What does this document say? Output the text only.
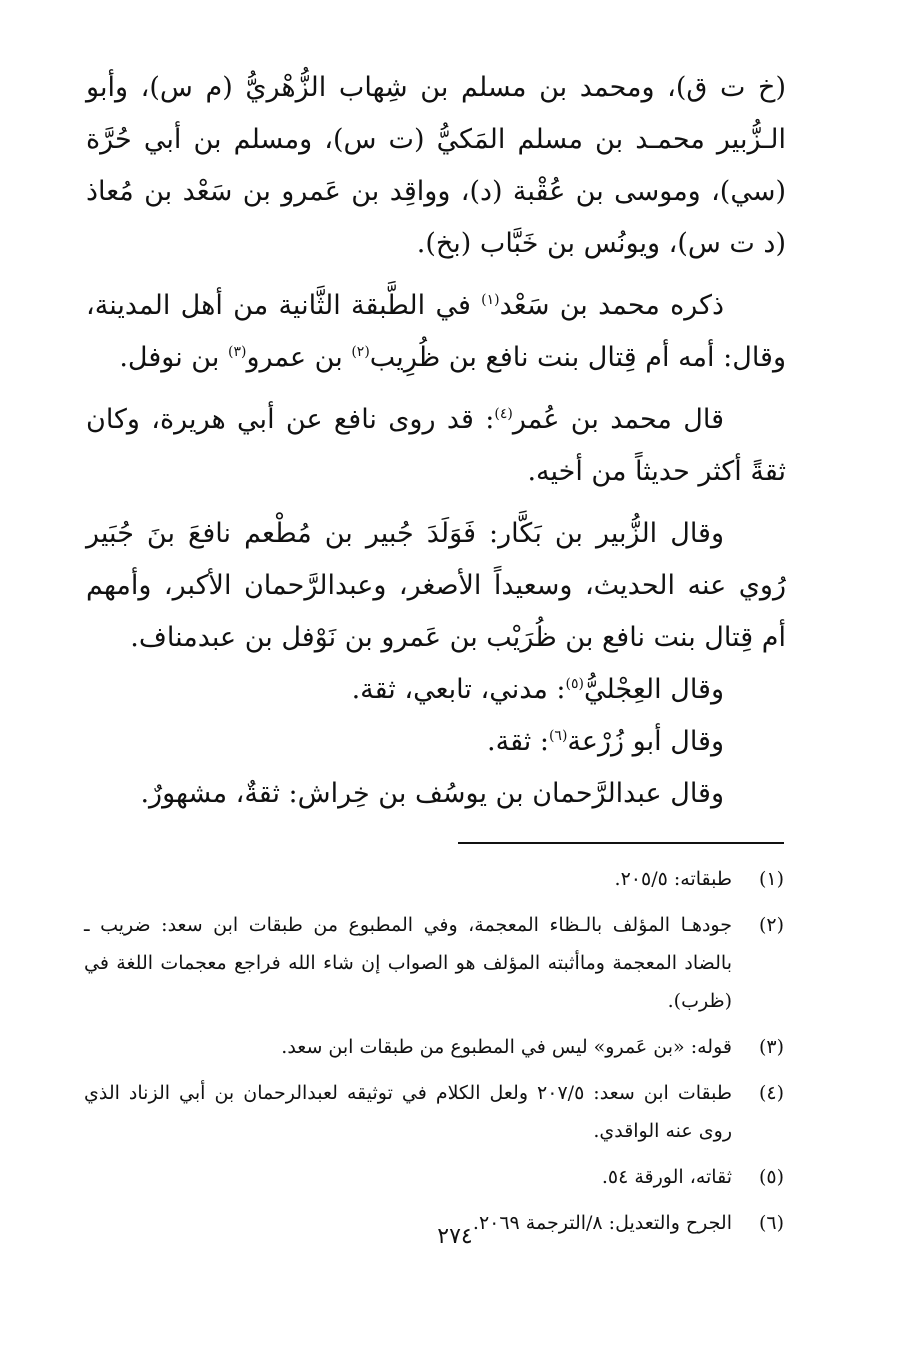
(خ ت ق)، ومحمد بن مسلم بن شِهاب الزُّهْريُّ (م س)، وأبو الـزُّبير محمـد بن مسلم المَكيُّ (ت س)، ومسلم بن أبي حُرَّة (سي)، وموسى بن عُقْبة (د)، وواقِد بن عَمرو بن سَعْد بن مُعاذ (د ت س)، ويونُس بن خَبَّاب (بخ).

ذكره محمد بن سَعْد$^{(١)}$ في الطَّبقة الثَّانية من أهل المدينة، وقال: أمه أم قِتال بنت نافع بن ظُرِيب$^{(٢)}$ بن عمرو$^{(٣)}$ بن نوفل.

قال محمد بن عُمر$^{(٤)}$: قد روى نافع عن أبي هريرة، وكان ثقةً أكثر حديثاً من أخيه.

وقال الزُّبير بن بَكَّار: فَوَلَدَ جُبير بن مُطْعم نافعَ بنَ جُبَير رُوي عنه الحديث، وسعيداً الأصغر، وعبدالرَّحمان الأكبر، وأمهم أم قِتال بنت نافع بن ظُرَيْب بن عَمرو بن نَوْفل بن عبدمناف.

وقال العِجْليُّ$^{(٥)}$: مدني، تابعي، ثقة.

وقال أبو زُرْعة$^{(٦)}$: ثقة.

وقال عبدالرَّحمان بن يوسُف بن خِراش: ثقةٌ، مشهورٌ.

(١)
طبقاته: ٢٠٥/٥.
(٢)
جودهـا المؤلف بالـظاء المعجمة، وفي المطبوع من طبقات ابن سعد: ضريب ـ بالضاد المعجمة وماأثبته المؤلف هو الصواب إن شاء الله فراجع معجمات اللغة في (ظرب).
(٣)
قوله: «بن عَمرو» ليس في المطبوع من طبقات ابن سعد.
(٤)
طبقات ابن سعد: ٢٠٧/٥ ولعل الكلام في توثيقه لعبدالرحمان بن أبي الزناد الذي روى عنه الواقدي.
(٥)
ثقاته، الورقة ٥٤.
(٦)
الجرح والتعديل: ٨/الترجمة ٢٠٦٩.
٢٧٤
